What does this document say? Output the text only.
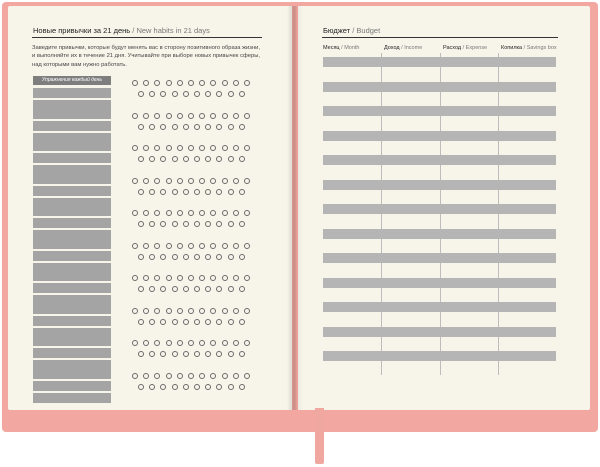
Новые привычки за 21 день / New habits in 21 days
Заведите привычки, которые будут менять вас в сторону позитивного образа жизни, и выполняйте их в течение 21 дня. Учитывайте при выборе новых привычек сферы, над которыми вам нужно работать.
Упражнения каждый день
Бюджет / Budget
Месяц / Month	Доход / Income	Расход / Expense	Копилка / Savings box
